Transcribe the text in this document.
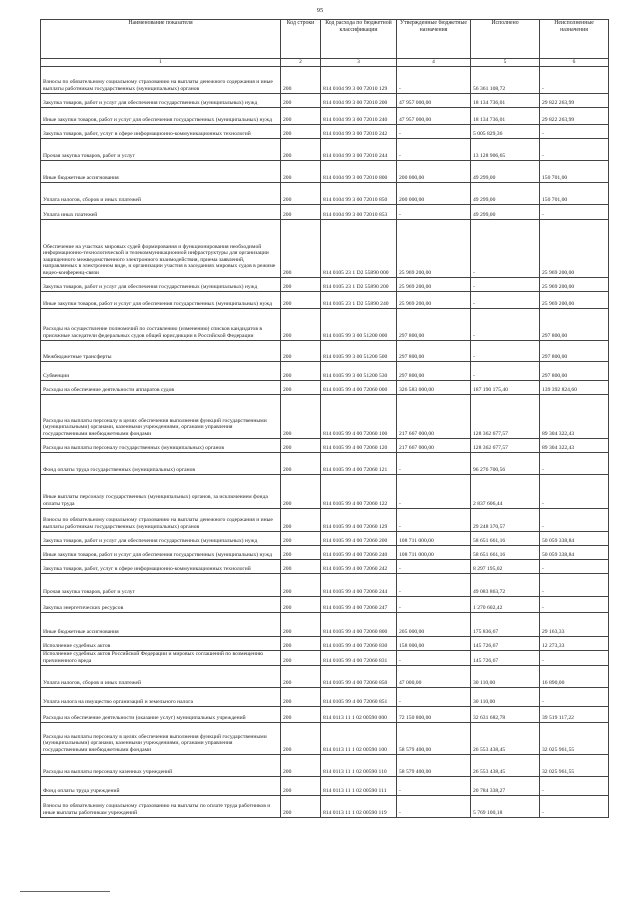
95
Наименование показателя	Код строки	Код расхода по бюджетной классификации	Утвержденные бюджетные назначения	Исполнено	Неисполненные назначения
1	2	3	4	5	6
Взносы по обязательному социальному страхованию на выплаты денежного содержания и иные выплаты работникам государственных (муниципальных) органов	200	814 0104 99 3 00 72010 129	-	56 361 108,72	-
Закупка товаров, работ и услуг для обеспечения государственных (муниципальных) нужд	200	814 0104 99 3 00 72010 200	47 957 000,00	18 134 736,01	29 822 263,99
Иные закупки товаров, работ и услуг для обеспечения государственных (муниципальных) нужд	200	814 0104 99 3 00 72010 240	47 957 000,00	18 134 736,01	29 822 263,99
Закупка товаров, работ, услуг в сфере информационно-коммуникационных технологий	200	814 0104 99 3 00 72010 242	-	5 005 829,36	-
Прочая закупка товаров, работ и услуг	200	814 0104 99 3 00 72010 244	-	13 128 906,65	-
Иные бюджетные ассигнования	200	814 0104 99 3 00 72010 800	200 000,00	49 299,00	150 701,00
Уплата налогов, сборов и иных платежей	200	814 0104 99 3 00 72010 850	200 000,00	49 299,00	150 701,00
Уплата иных платежей	200	814 0104 99 3 00 72010 853	-	49 299,00	-
Обеспечение на участках мировых судей формирования и функционирования необходимой информационно-технологической и телекоммуникационной инфраструктуры для организации защищенного межведомственного электронного взаимодействия, приема заявлений, направляемых в электронном виде, и организации участия в заседаниях мировых судов в режиме видео-конференц-связи	200	814 0105 23 1 D2 55890 000	25 969 200,00	-	25 969 200,00
Закупка товаров, работ и услуг для обеспечения государственных (муниципальных) нужд	200	814 0105 23 1 D2 55890 200	25 969 200,00	-	25 969 200,00
Иные закупки товаров, работ и услуг для обеспечения государственных (муниципальных) нужд	200	814 0105 23 1 D2 55890 240	25 969 200,00	-	25 969 200,00
Расходы на осуществление полномочий по составлению (изменению) списков кандидатов в присяжные заседатели федеральных судов общей юрисдикции в Российской Федерации	200	814 0105 99 3 00 51200 000	297 800,00	-	297 800,00
Межбюджетные трансферты	200	814 0105 99 3 00 51200 500	297 800,00	-	297 800,00
Субвенции	200	814 0105 99 3 00 51200 530	297 800,00	-	297 800,00
Расходы на обеспечение деятельности аппаратов судов	200	814 0105 99 4 00 72060 000	326 583 000,00	187 190 175,40	139 392 824,60
Расходы на выплаты персоналу в целях обеспечения выполнения функций государственными (муниципальными) органами, казенными учреждениями, органами управления государственными внебюджетными фондами	200	814 0105 99 4 00 72060 100	217 667 000,00	128 362 677,57	89 304 322,43
Расходы на выплаты персоналу государственных (муниципальных) органов	200	814 0105 99 4 00 72060 120	217 667 000,00	128 362 677,57	89 304 322,43
Фонд оплаты труда государственных (муниципальных) органов	200	814 0105 99 4 00 72060 121	-	96 276 700,56	-
Иные выплаты персоналу государственных (муниципальных) органов, за исключением фонда оплаты труда	200	814 0105 99 4 00 72060 122	-	2 837 606,44	-
Взносы по обязательному социальному страхованию на выплаты денежного содержания и иные выплаты работникам государственных (муниципальных) органов	200	814 0105 99 4 00 72060 129	-	29 248 370,57	-
Закупка товаров, работ и услуг для обеспечения государственных (муниципальных) нужд	200	814 0105 99 4 00 72060 200	108 711 000,00	58 651 661,16	50 059 338,84
Иные закупки товаров, работ и услуг для обеспечения государственных (муниципальных) нужд	200	814 0105 99 4 00 72060 240	108 711 000,00	58 651 661,16	50 059 338,84
Закупка товаров, работ, услуг в сфере информационно-коммуникационных технологий	200	814 0105 99 4 00 72060 242	-	8 297 195,02	-
Прочая закупка товаров, работ и услуг	200	814 0105 99 4 00 72060 244	-	49 083 863,72	-
Закупка энергетических ресурсов	200	814 0105 99 4 00 72060 247	-	1 270 602,42	-
Иные бюджетные ассигнования	200	814 0105 99 4 00 72060 800	205 000,00	175 836,67	29 163,33
Исполнение судебных актов	200	814 0105 99 4 00 72060 830	158 000,00	145 726,67	12 273,33
Исполнение судебных актов Российской Федерации и мировых соглашений по возмещению причиненного вреда	200	814 0105 99 4 00 72060 831	-	145 726,67	-
Уплата налогов, сборов и иных платежей	200	814 0105 99 4 00 72060 850	47 000,00	30 110,00	16 890,00
Уплата налога на имущество организаций и земельного налога	200	814 0105 99 4 00 72060 851	-	30 110,00	-
Расходы на обеспечение деятельности (оказание услуг) муниципальных учреждений	200	814 0113 11 1 02 00590 000	72 150 800,00	32 631 682,78	39 519 117,22
Расходы на выплаты персоналу в целях обеспечения выполнения функций государственными (муниципальными) органами, казенными учреждениями, органами управления государственными внебюджетными фондами	200	814 0113 11 1 02 00590 100	58 579 400,00	26 553 438,45	32 025 961,55
Расходы на выплаты персоналу казенных учреждений	200	814 0113 11 1 02 00590 110	58 579 400,00	26 553 438,45	32 025 961,55
Фонд оплаты труда учреждений	200	814 0113 11 1 02 00590 111	-	20 784 338,27	-
Взносы по обязательному социальному страхованию на выплаты по оплате труда работников и иные выплаты работникам учреждений	200	814 0113 11 1 02 00590 119	-	5 769 100,18	-
